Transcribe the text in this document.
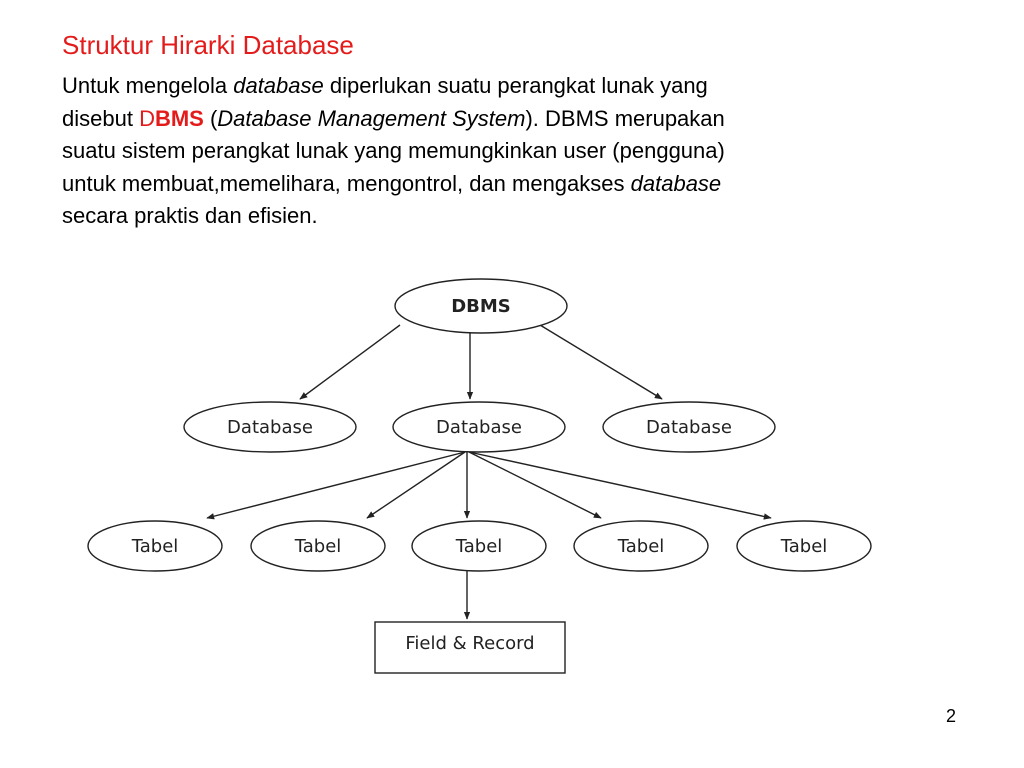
Struktur Hirarki Database
Untuk mengelola database diperlukan suatu perangkat lunak yang
disebut DBMS (Database Management System). DBMS merupakan
suatu sistem perangkat lunak yang memungkinkan user (pengguna)
untuk membuat,memelihara, mengontrol, dan mengakses database
secara praktis dan efisien.
DBMS
Database	Database	Database
Tabel	Tabel	Tabel	Tabel	Tabel
Field & Record
2
